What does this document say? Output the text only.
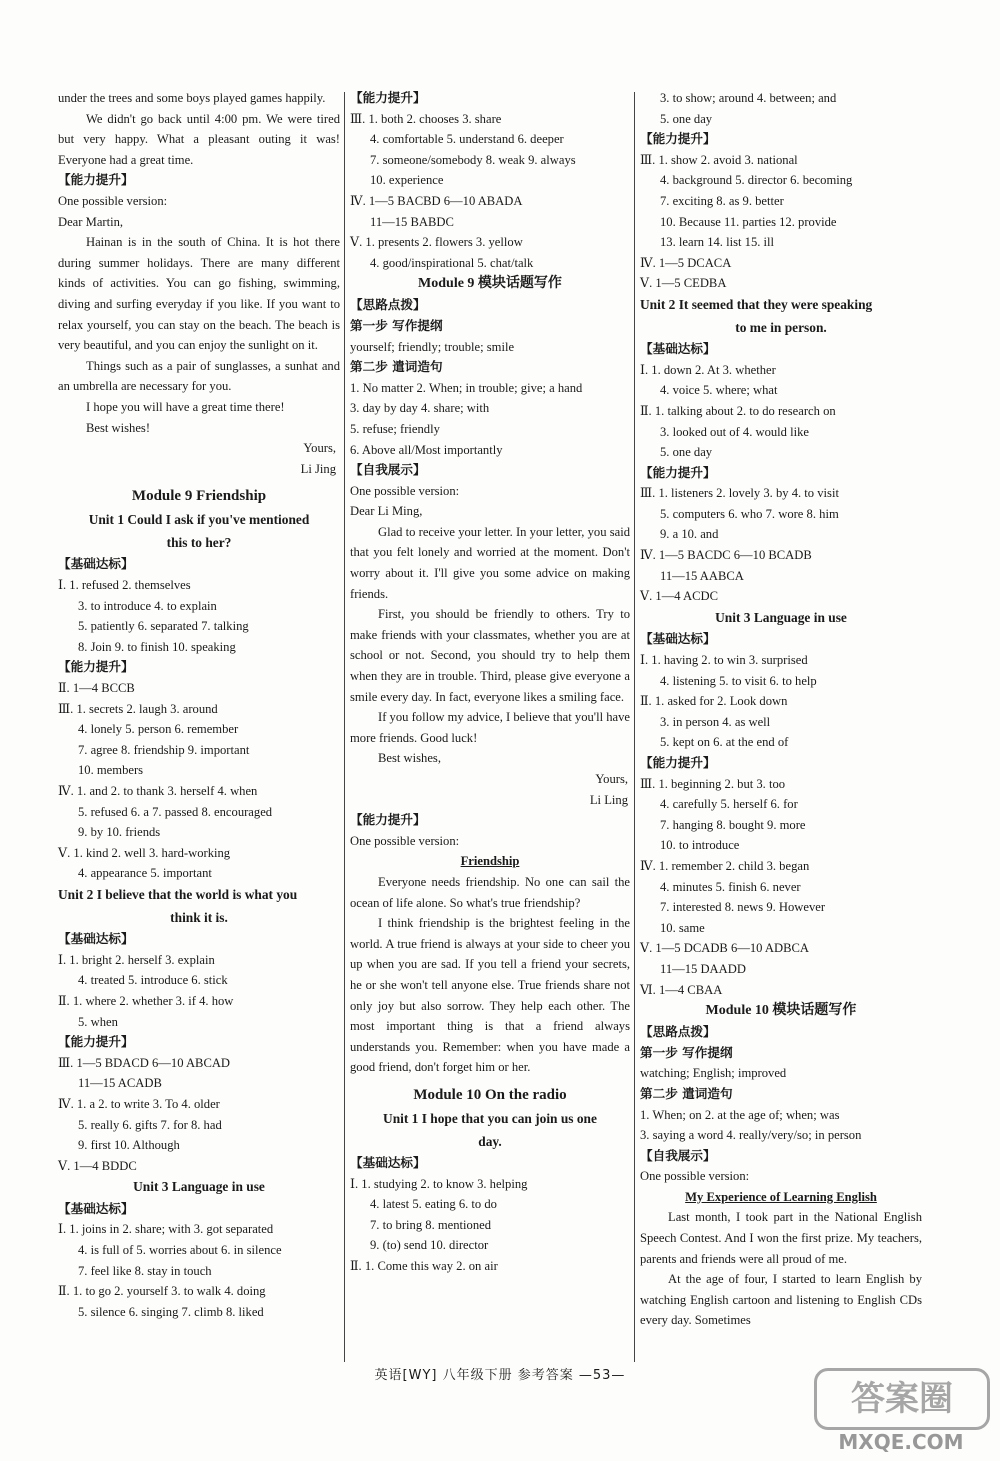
under the trees and some boys played games happily.
We didn't go back until 4:00 pm. We were tired but very happy. What a pleasant outing it was! Everyone had a great time.
【能力提升】
One possible version:
Dear Martin,
Hainan is in the south of China. It is hot there during summer holidays. There are many different kinds of activities. You can go fishing, swimming, diving and surfing everyday if you like. If you want to relax yourself, you can stay on the beach. The beach is very beautiful, and you can enjoy the sunlight on it.
Things such as a pair of sunglasses, a sunhat and an umbrella are necessary for you.
I hope you will have a great time there!
Best wishes!
Yours,
Li Jing
Module 9 Friendship
Unit 1 Could I ask if you've mentioned
this to her?
【基础达标】
Ⅰ. 1. refused 2. themselves
3. to introduce 4. to explain
5. patiently 6. separated 7. talking
8. Join 9. to finish 10. speaking
【能力提升】
Ⅱ. 1—4 BCCB
Ⅲ. 1. secrets 2. laugh 3. around
4. lonely 5. person 6. remember
7. agree 8. friendship 9. important
10. members
Ⅳ. 1. and 2. to thank 3. herself 4. when
5. refused 6. a 7. passed 8. encouraged
9. by 10. friends
Ⅴ. 1. kind 2. well 3. hard-working
4. appearance 5. important
Unit 2 I believe that the world is what you
think it is.
【基础达标】
Ⅰ. 1. bright 2. herself 3. explain
4. treated 5. introduce 6. stick
Ⅱ. 1. where 2. whether 3. if 4. how
5. when
【能力提升】
Ⅲ. 1—5 BDACD 6—10 ABCAD
11—15 ACADB
Ⅳ. 1. a 2. to write 3. To 4. older
5. really 6. gifts 7. for 8. had
9. first 10. Although
Ⅴ. 1—4 BDDC
Unit 3 Language in use
【基础达标】
Ⅰ. 1. joins in 2. share; with 3. got separated
4. is full of 5. worries about 6. in silence
7. feel like 8. stay in touch
Ⅱ. 1. to go 2. yourself 3. to walk 4. doing
5. silence 6. singing 7. climb 8. liked
【能力提升】
Ⅲ. 1. both 2. chooses 3. share
4. comfortable 5. understand 6. deeper
7. someone/somebody 8. weak 9. always
10. experience
Ⅳ. 1—5 BACBD 6—10 ABADA
11—15 BABDC
Ⅴ. 1. presents 2. flowers 3. yellow
4. good/inspirational 5. chat/talk
Module 9 模块话题写作
【思路点拨】
第一步 写作提纲
yourself; friendly; trouble; smile
第二步 遣词造句
1. No matter 2. When; in trouble; give; a hand
3. day by day 4. share; with
5. refuse; friendly
6. Above all/Most importantly
【自我展示】
One possible version:
Dear Li Ming,
Glad to receive your letter. In your letter, you said that you felt lonely and worried at the moment. Don't worry about it. I'll give you some advice on making friends.
First, you should be friendly to others. Try to make friends with your classmates, whether you are at school or not. Second, you should try to help them when they are in trouble. Third, please give everyone a smile every day. In fact, everyone likes a smiling face.
If you follow my advice, I believe that you'll have more friends. Good luck!
Best wishes,
Yours,
Li Ling
【能力提升】
One possible version:
Friendship
Everyone needs friendship. No one can sail the ocean of life alone. So what's true friendship?
I think friendship is the brightest feeling in the world. A true friend is always at your side to cheer you up when you are sad. If you tell a friend your secrets, he or she won't tell anyone else. True friends share not only joy but also sorrow. They help each other. The most important thing is that a friend always understands you. Remember: when you have made a good friend, don't forget him or her.
Module 10 On the radio
Unit 1 I hope that you can join us one
day.
【基础达标】
Ⅰ. 1. studying 2. to know 3. helping
4. latest 5. eating 6. to do
7. to bring 8. mentioned
9. (to) send 10. director
Ⅱ. 1. Come this way 2. on air
3. to show; around 4. between; and
5. one day
【能力提升】
Ⅲ. 1. show 2. avoid 3. national
4. background 5. director 6. becoming
7. exciting 8. as 9. better
10. Because 11. parties 12. provide
13. learn 14. list 15. ill
Ⅳ. 1—5 DCACA
Ⅴ. 1—5 CEDBA
Unit 2 It seemed that they were speaking
to me in person.
【基础达标】
Ⅰ. 1. down 2. At 3. whether
4. voice 5. where; what
Ⅱ. 1. talking about 2. to do research on
3. looked out of 4. would like
5. one day
【能力提升】
Ⅲ. 1. listeners 2. lovely 3. by 4. to visit
5. computers 6. who 7. wore 8. him
9. a 10. and
Ⅳ. 1—5 BACDC 6—10 BCADB
11—15 AABCA
Ⅴ. 1—4 ACDC
Unit 3 Language in use
【基础达标】
Ⅰ. 1. having 2. to win 3. surprised
4. listening 5. to visit 6. to help
Ⅱ. 1. asked for 2. Look down
3. in person 4. as well
5. kept on 6. at the end of
【能力提升】
Ⅲ. 1. beginning 2. but 3. too
4. carefully 5. herself 6. for
7. hanging 8. bought 9. more
10. to introduce
Ⅳ. 1. remember 2. child 3. began
4. minutes 5. finish 6. never
7. interested 8. news 9. However
10. same
Ⅴ. 1—5 DCADB 6—10 ADBCA
11—15 DAADD
Ⅵ. 1—4 CBAA
Module 10 模块话题写作
【思路点拨】
第一步 写作提纲
watching; English; improved
第二步 遣词造句
1. When; on 2. at the age of; when; was
3. saying a word 4. really/very/so; in person
【自我展示】
One possible version:
My Experience of Learning English
Last month, I took part in the National English Speech Contest. And I won the first prize. My teachers, parents and friends were all proud of me.
At the age of four, I started to learn English by watching English cartoon and listening to English CDs every day. Sometimes
英语[WY] 八年级下册 参考答案 —53—
答案圈
MXQE.COM
